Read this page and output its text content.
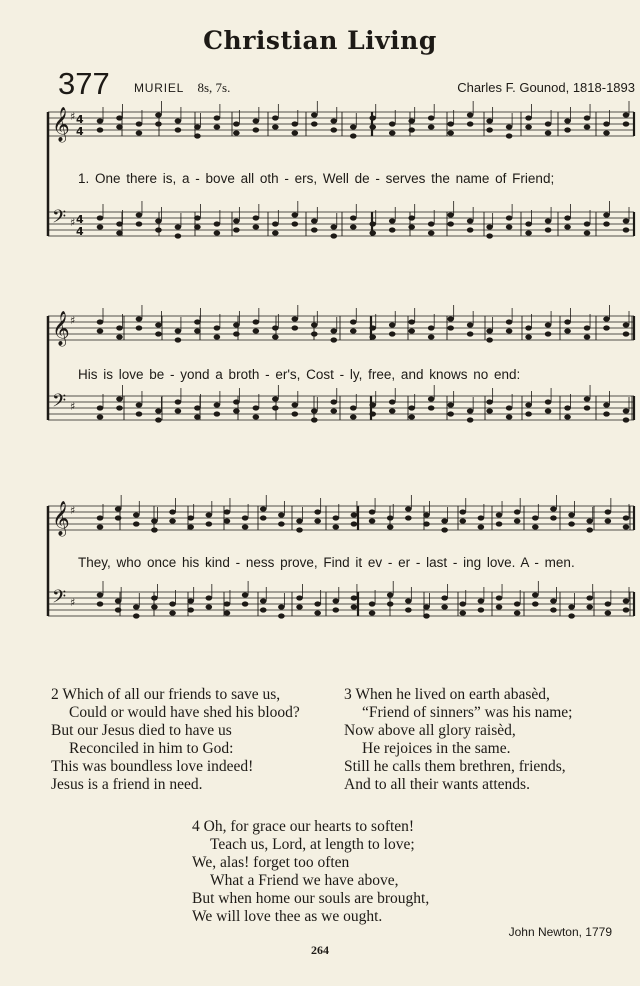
Christian Living
377 MURIEL 8s, 7s.	Charles F. Gounod, 1818-1893
𝄞 ♯
𝄢 ♯
4
4
4
4
1. One there is, a - bove all oth - ers, Well de - serves the name of Friend;
𝄞 ♯
𝄢 ♯
His is love be - yond a broth - er's, Cost - ly, free, and knows no end:
𝄞 ♯
𝄢 ♯
They, who once his kind - ness prove, Find it ev - er - last - ing love. A - men.
2 Which of all our friends to save us,
Could or would have shed his blood?
But our Jesus died to have us
Reconciled in him to God:
This was boundless love indeed!
Jesus is a friend in need.
3 When he lived on earth abasèd,
“Friend of sinners” was his name;
Now above all glory raisèd,
He rejoices in the same.
Still he calls them brethren, friends,
And to all their wants attends.
4 Oh, for grace our hearts to soften!
Teach us, Lord, at length to love;
We, alas! forget too often
What a Friend we have above,
But when home our souls are brought,
We will love thee as we ought.
John Newton, 1779
264
